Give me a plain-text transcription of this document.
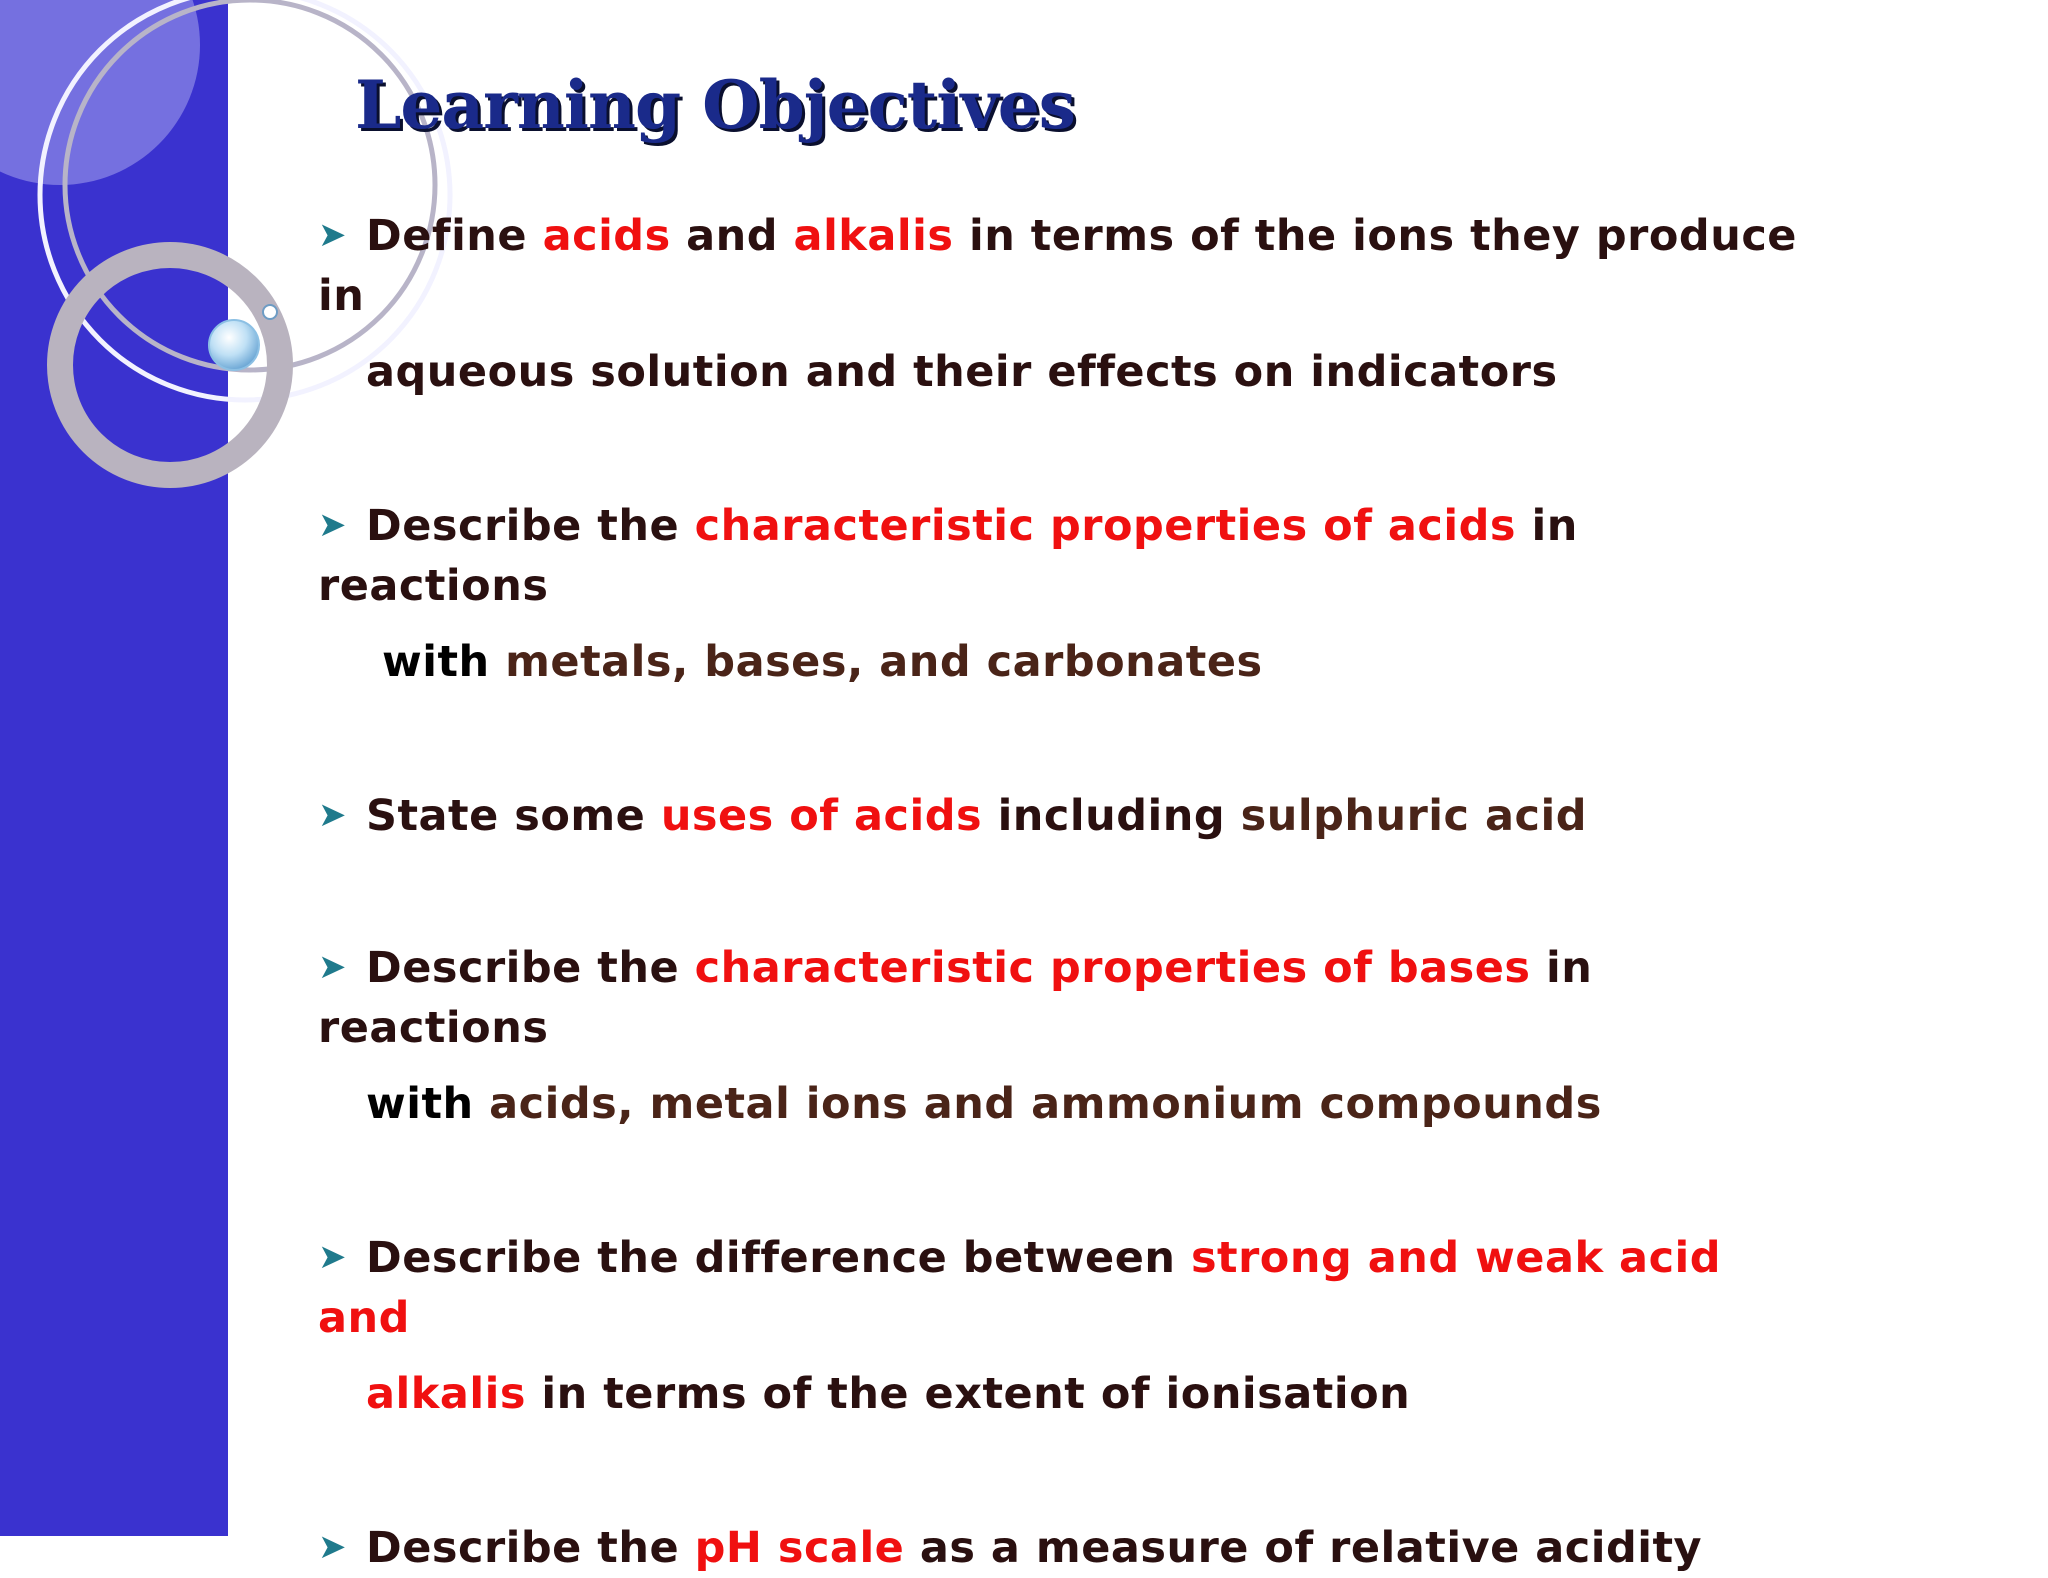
Learning Objectives
➤ Define acids and alkalis in terms of the ions they produce
in
aqueous solution and their effects on indicators
➤ Describe the characteristic properties of acids in
reactions
with metals, bases, and carbonates
➤ State some uses of acids including sulphuric acid
➤ Describe the characteristic properties of bases in
reactions
with acids, metal ions and ammonium compounds
➤ Describe the difference between strong and weak acid
and
alkalis in terms of the extent of ionisation
➤ Describe the pH scale as a measure of relative acidity
